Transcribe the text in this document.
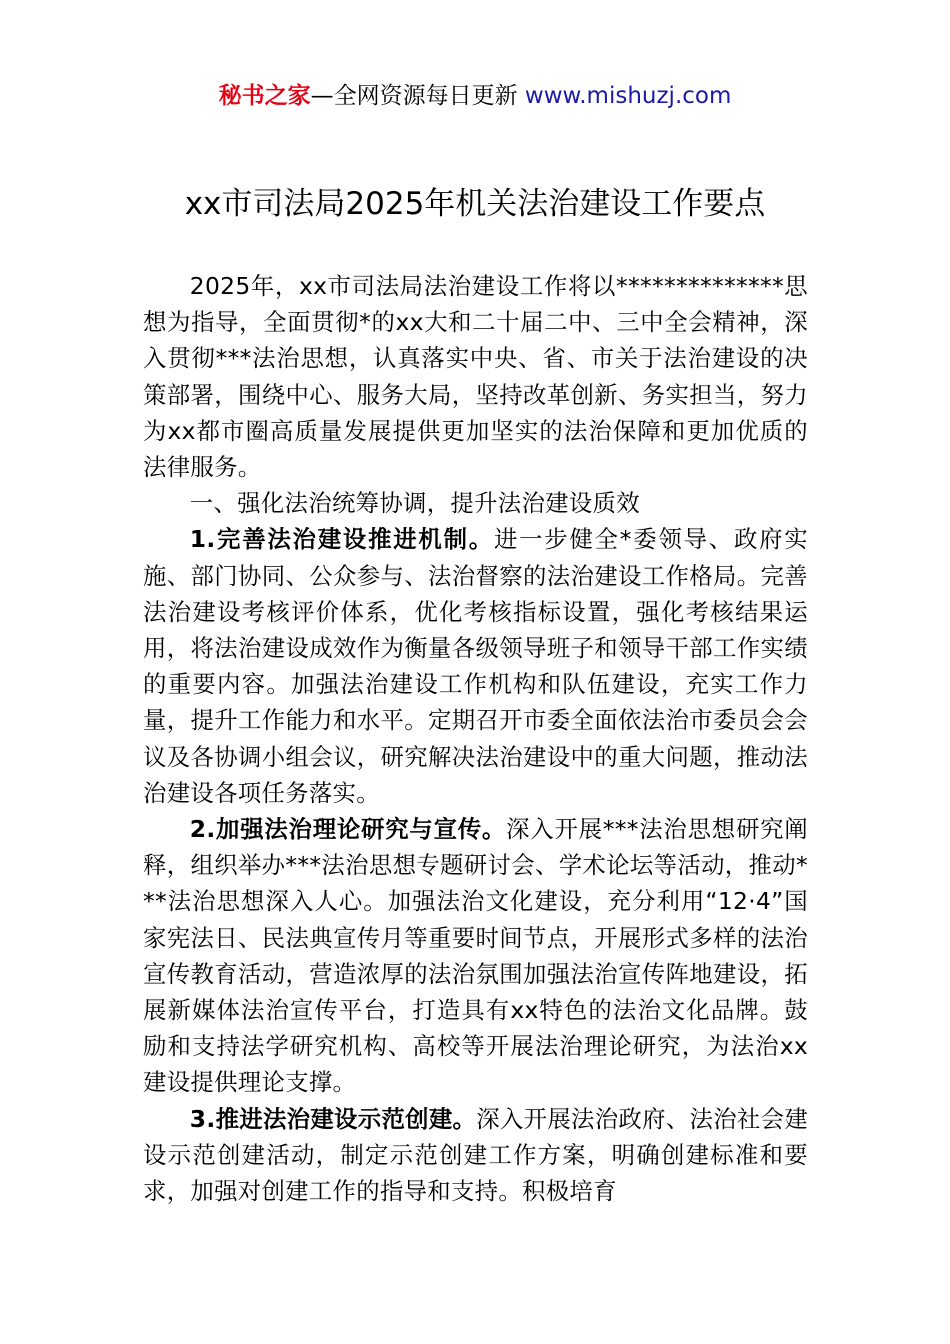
秘书之家—全网资源每日更新 www.mishuzj.com
xx市司法局2025年机关法治建设工作要点

2025年，xx市司法局法治建设工作将以**************思想为指导，全面贯彻*的xx大和二十届二中、三中全会精神，深入贯彻***法治思想，认真落实中央、省、市关于法治建设的决策部署，围绕中心、服务大局，坚持改革创新、务实担当，努力为xx都市圈高质量发展提供更加坚实的法治保障和更加优质的法律服务。

一、强化法治统筹协调，提升法治建设质效

1.完善法治建设推进机制。进一步健全*委领导、政府实施、部门协同、公众参与、法治督察的法治建设工作格局。完善法治建设考核评价体系，优化考核指标设置，强化考核结果运用，将法治建设成效作为衡量各级领导班子和领导干部工作实绩的重要内容。加强法治建设工作机构和队伍建设，充实工作力量，提升工作能力和水平。定期召开市委全面依法治市委员会会议及各协调小组会议，研究解决法治建设中的重大问题，推动法治建设各项任务落实。

2.加强法治理论研究与宣传。深入开展***法治思想研究阐释，组织举办***法治思想专题研讨会、学术论坛等活动，推动***法治思想深入人心。加强法治文化建设，充分利用“12·4”国家宪法日、民法典宣传月等重要时间节点，开展形式多样的法治宣传教育活动，营造浓厚的法治氛围加强法治宣传阵地建设，拓展新媒体法治宣传平台，打造具有xx特色的法治文化品牌。鼓励和支持法学研究机构、高校等开展法治理论研究，为法治xx建设提供理论支撑。

3.推进法治建设示范创建。深入开展法治政府、法治社会建设示范创建活动，制定示范创建工作方案，明确创建标准和要求，加强对创建工作的指导和支持。积极培育
